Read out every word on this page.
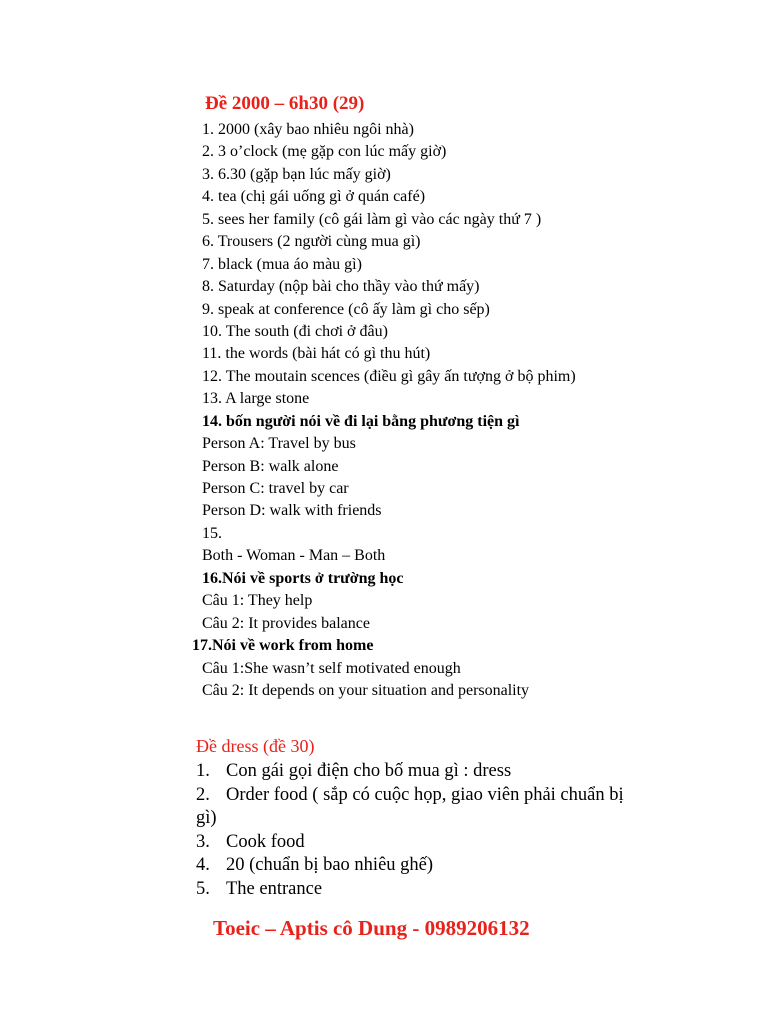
Đề 2000 – 6h30 (29)
1. 2000 (xây bao nhiêu ngôi nhà)
2. 3 o’clock (mẹ gặp con lúc mấy giờ)
3. 6.30 (gặp bạn lúc mấy giờ)
4. tea (chị gái uống gì ở quán café)
5. sees her family (cô gái làm gì vào các ngày thứ 7 )
6. Trousers (2 người cùng mua gì)
7. black (mua áo màu gì)
8. Saturday (nộp bài cho thầy vào thứ mấy)
9. speak at conference (cô ấy làm gì cho sếp)
10. The south (đi chơi ở đâu)
11. the words (bài hát có gì thu hút)
12. The moutain scences (điều gì gây ấn tượng ở bộ phim)
13. A large stone
14. bốn người nói về đi lại bằng phương tiện gì
Person A: Travel by bus
Person B: walk alone
Person C: travel by car
Person D: walk with friends
15.
Both - Woman - Man – Both
16.Nói về sports ở trường học
Câu 1: They help
Câu 2: It provides balance
17.Nói về work from home
Câu 1:She wasn’t self motivated enough
Câu 2: It depends on your situation and personality
Đề dress (đề 30)
1. Con gái gọi điện cho bố mua gì : dress
2. Order food ( sắp có cuộc họp, giao viên phải chuẩn bị
gì)
3. Cook food
4. 20 (chuẩn bị bao nhiêu ghế)
5. The entrance
Toeic – Aptis cô Dung - 0989206132
